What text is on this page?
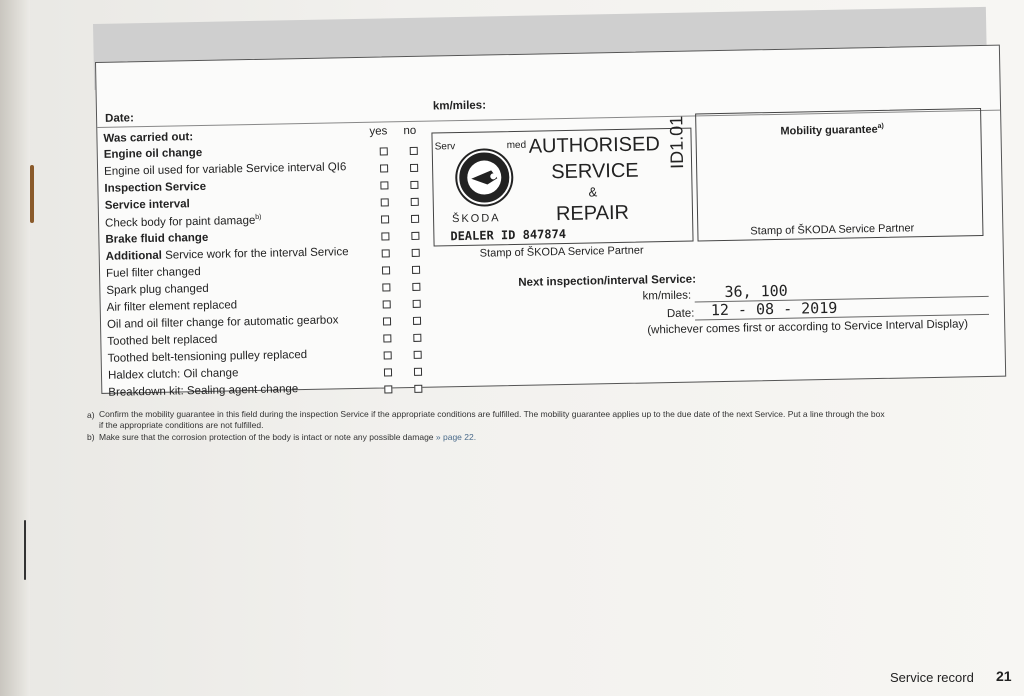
Date:
km/miles:
Was carried out:	yes no
Engine oil change
Engine oil used for variable Service interval QI6
Inspection Service
Service interval
Check body for paint damage$^{b)}$
Brake fluid change
Additional Service work for the interval Service
Fuel filter changed
Spark plug changed
Air filter element replaced
Oil and oil filter change for automatic gearbox
Toothed belt replaced
Toothed belt-tensioning pulley replaced
Haldex clutch: Oil change
Breakdown kit: Sealing agent change
Serv	med AUTHORISED
SERVICE
&
REPAIR
ŠKODA
DEALER ID 847874
ID1.01
Stamp of ŠKODA Service Partner
Mobility guarantee$^{a)}$
Stamp of ŠKODA Service Partner
Next inspection/interval Service:
km/miles: 36, 100
Date: 12 - 08 - 2019
(whichever comes first or according to Service Interval Display)
a) Confirm the mobility guarantee in this field during the inspection Service if the appropriate conditions are fulfilled. The mobility guarantee applies up to the due date of the next Service. Put a line through the box
if the appropriate conditions are not fulfilled.
b) Make sure that the corrosion protection of the body is intact or note any possible damage » page 22.
Service record 21
